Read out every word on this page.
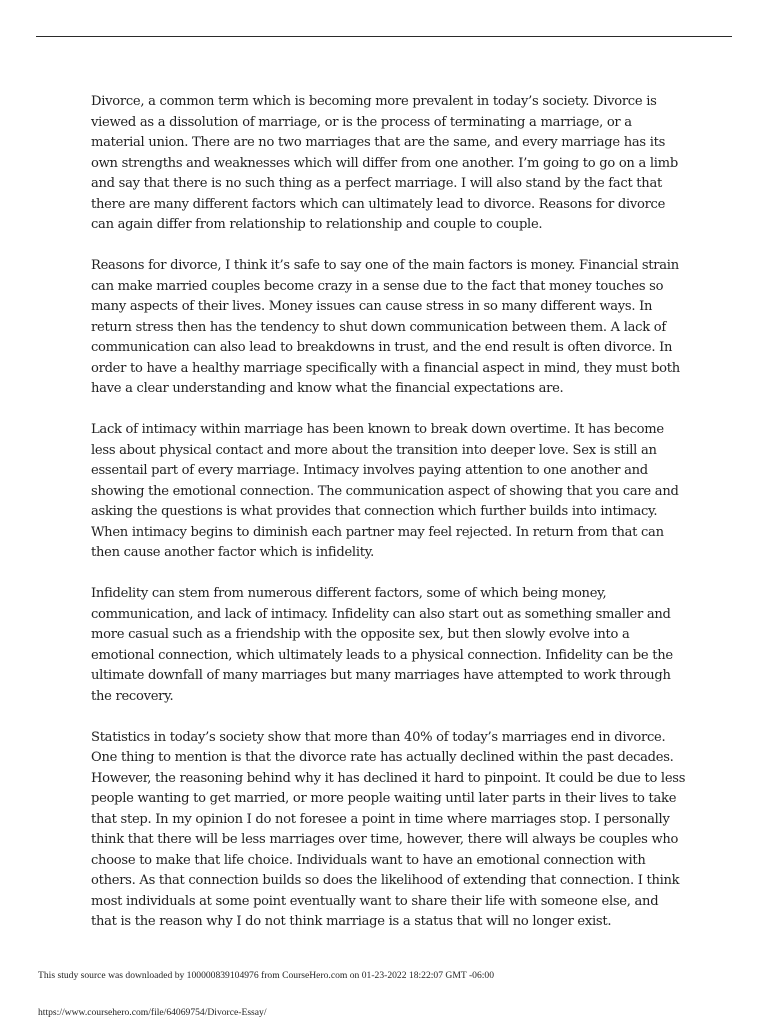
Divorce, a common term which is becoming more prevalent in today’s society. Divorce is viewed as a dissolution of marriage, or is the process of terminating a marriage, or a material union. There are no two marriages that are the same, and every marriage has its own strengths and weaknesses which will differ from one another. I’m going to go on a limb and say that there is no such thing as a perfect marriage. I will also stand by the fact that there are many different factors which can ultimately lead to divorce. Reasons for divorce can again differ from relationship to relationship and couple to couple.

Reasons for divorce, I think it’s safe to say one of the main factors is money. Financial strain can make married couples become crazy in a sense due to the fact that money touches so many aspects of their lives. Money issues can cause stress in so many different ways. In return stress then has the tendency to shut down communication between them. A lack of communication can also lead to breakdowns in trust, and the end result is often divorce. In order to have a healthy marriage specifically with a financial aspect in mind, they must both have a clear understanding and know what the financial expectations are.

Lack of intimacy within marriage has been known to break down overtime. It has become less about physical contact and more about the transition into deeper love. Sex is still an essentail part of every marriage. Intimacy involves paying attention to one another and showing the emotional connection. The communication aspect of showing that you care and asking the questions is what provides that connection which further builds into intimacy. When intimacy begins to diminish each partner may feel rejected. In return from that can then cause another factor which is infidelity.

Infidelity can stem from numerous different factors, some of which being money, communication, and lack of intimacy. Infidelity can also start out as something smaller and more casual such as a friendship with the opposite sex, but then slowly evolve into a emotional connection, which ultimately leads to a physical connection. Infidelity can be the ultimate downfall of many marriages but many marriages have attempted to work through the recovery.

Statistics in today’s society show that more than 40% of today’s marriages end in divorce. One thing to mention is that the divorce rate has actually declined within the past decades. However, the reasoning behind why it has declined it hard to pinpoint. It could be due to less people wanting to get married, or more people waiting until later parts in their lives to take that step. In my opinion I do not foresee a point in time where marriages stop. I personally think that there will be less marriages over time, however, there will always be couples who choose to make that life choice. Individuals want to have an emotional connection with others. As that connection builds so does the likelihood of extending that connection. I think most individuals at some point eventually want to share their life with someone else, and that is the reason why I do not think marriage is a status that will no longer exist.

This study source was downloaded by 100000839104976 from CourseHero.com on 01-23-2022 18:22:07 GMT -06:00
https://www.coursehero.com/file/64069754/Divorce-Essay/
